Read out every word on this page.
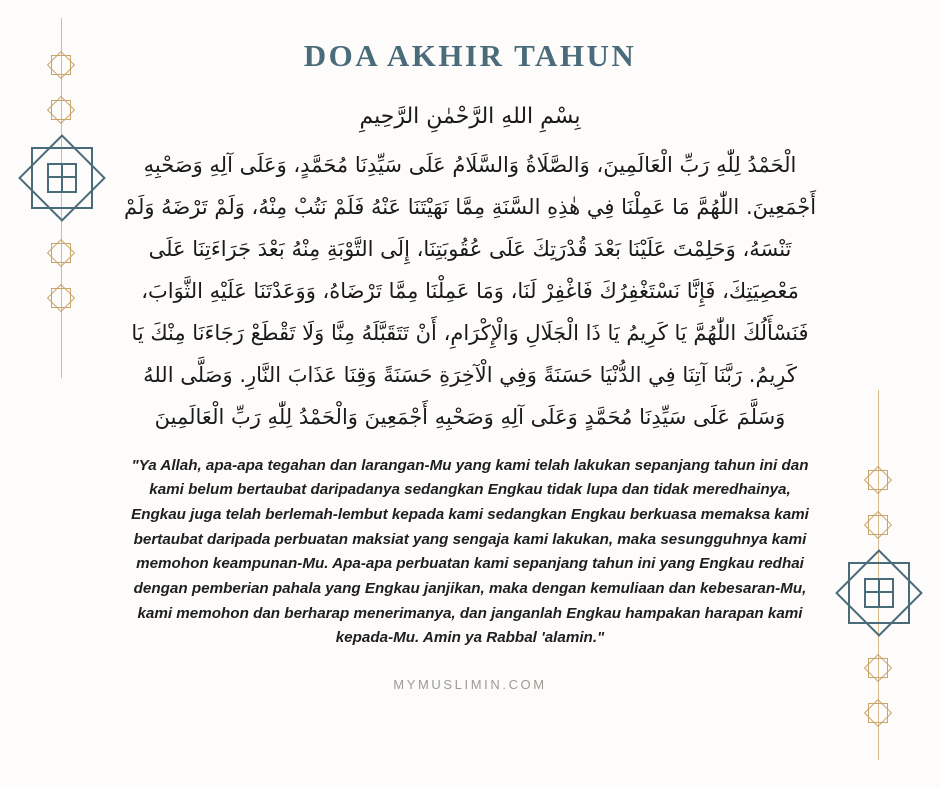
DOA AKHIR TAHUN
بِسْمِ اللهِ الرَّحْمٰنِ الرَّحِيمِ
الْحَمْدُ لِلّٰهِ رَبِّ الْعَالَمِينَ، وَالصَّلَاةُ وَالسَّلَامُ عَلَى سَيِّدِنَا مُحَمَّدٍ، وَعَلَى آلِهِ وَصَحْبِهِ أَجْمَعِينَ. اللّٰهُمَّ مَا عَمِلْنَا فِي هٰذِهِ السَّنَةِ مِمَّا نَهَيْتَنَا عَنْهُ فَلَمْ نَتُبْ مِنْهُ، وَلَمْ تَرْضَهُ وَلَمْ تَنْسَهُ، وَحَلِمْتَ عَلَيْنَا بَعْدَ قُدْرَتِكَ عَلَى عُقُوبَتِنَا، إِلَى التَّوْبَةِ مِنْهُ بَعْدَ جَرَاءَتِنَا عَلَى مَعْصِيَتِكَ، فَإِنَّا نَسْتَغْفِرُكَ فَاغْفِرْ لَنَا، وَمَا عَمِلْنَا مِمَّا تَرْضَاهُ، وَوَعَدْتَنَا عَلَيْهِ الثَّوَابَ، فَنَسْأَلُكَ اللّٰهُمَّ يَا كَرِيمُ يَا ذَا الْجَلَالِ وَالْإِكْرَامِ، أَنْ تَتَقَبَّلَهُ مِنَّا وَلَا تَقْطَعْ رَجَاءَنَا مِنْكَ يَا كَرِيمُ. رَبَّنَا آتِنَا فِي الدُّنْيَا حَسَنَةً وَفِي الْآخِرَةِ حَسَنَةً وَقِنَا عَذَابَ النَّارِ. وَصَلَّى اللهُ وَسَلَّمَ عَلَى سَيِّدِنَا مُحَمَّدٍ وَعَلَى آلِهِ وَصَحْبِهِ أَجْمَعِينَ وَالْحَمْدُ لِلّٰهِ رَبِّ الْعَالَمِينَ
"Ya Allah, apa-apa tegahan dan larangan-Mu yang kami telah lakukan sepanjang tahun ini dan kami belum bertaubat daripadanya sedangkan Engkau tidak lupa dan tidak meredhainya, Engkau juga telah berlemah-lembut kepada kami sedangkan Engkau berkuasa memaksa kami bertaubat daripada perbuatan maksiat yang sengaja kami lakukan, maka sesungguhnya kami memohon keampunan-Mu. Apa-apa perbuatan kami sepanjang tahun ini yang Engkau redhai dengan pemberian pahala yang Engkau janjikan, maka dengan kemuliaan dan kebesaran-Mu, kami memohon dan berharap menerimanya, dan janganlah Engkau hampakan harapan kami kepada-Mu. Amin ya Rabbal 'alamin."
MYMUSLIMIN.COM
